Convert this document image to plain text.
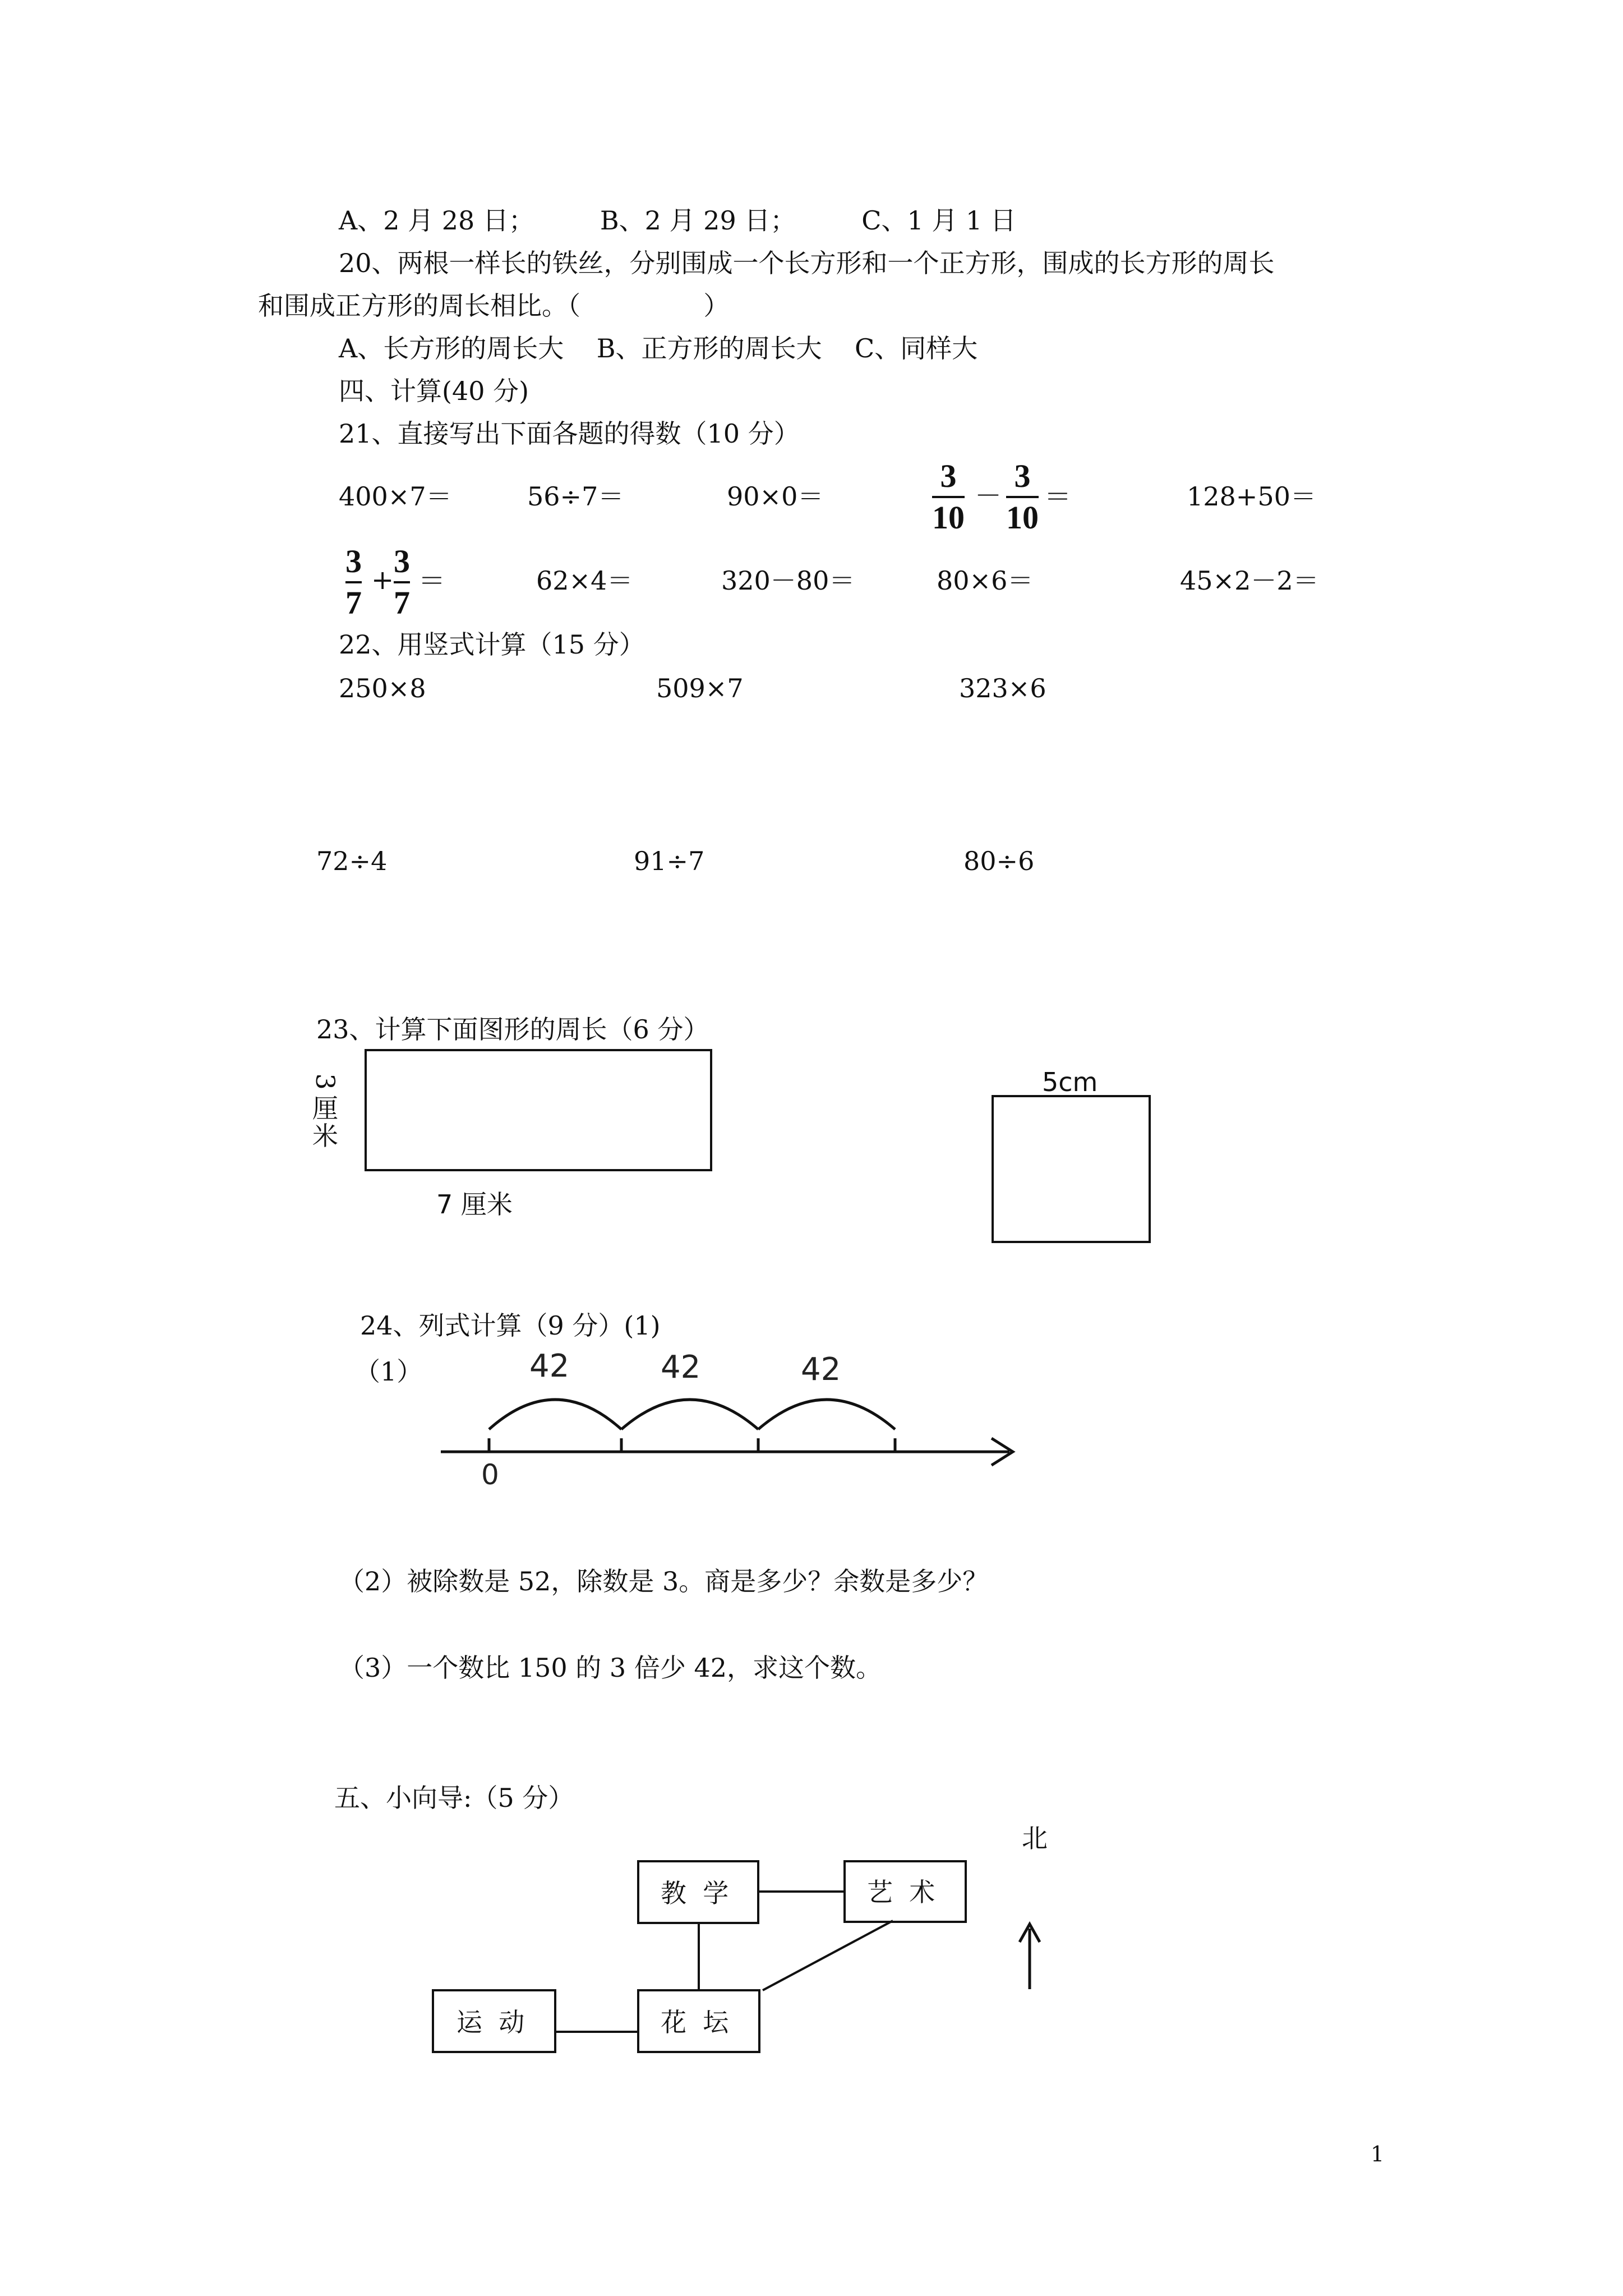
A、2 月 28 日；        B、2 月 29 日；        C、1 月 1 日
20、两根一样长的铁丝，分别围成一个长方形和一个正方形，围成的长方形的周长
和围成正方形的周长相比。（               ）
A、长方形的周长大    B、正方形的周长大    C、同样大
四、计算(40 分)
21、直接写出下面各题的得数（10 分）
400×7＝	56÷7＝	90×0＝
3
10
－
3
10
＝	128+50＝
3
7
+
3
7
＝	62×4＝	320－80＝	80×6＝	45×2－2＝
22、用竖式计算（15 分）
250×8	509×7	323×6
72÷4	91÷7	80÷6
23、计算下面图形的周长（6 分）
3
厘
米
7 厘米
5cm
24、列式计算（9 分）(1)
（1）	42	42	42
0
（2）被除数是 52，除数是 3。商是多少？余数是多少？
（3）一个数比 150 的 3 倍少 42，求这个数。
五、小向导:（5 分）
北
教  学	艺  术
运  动	花  坛
1
